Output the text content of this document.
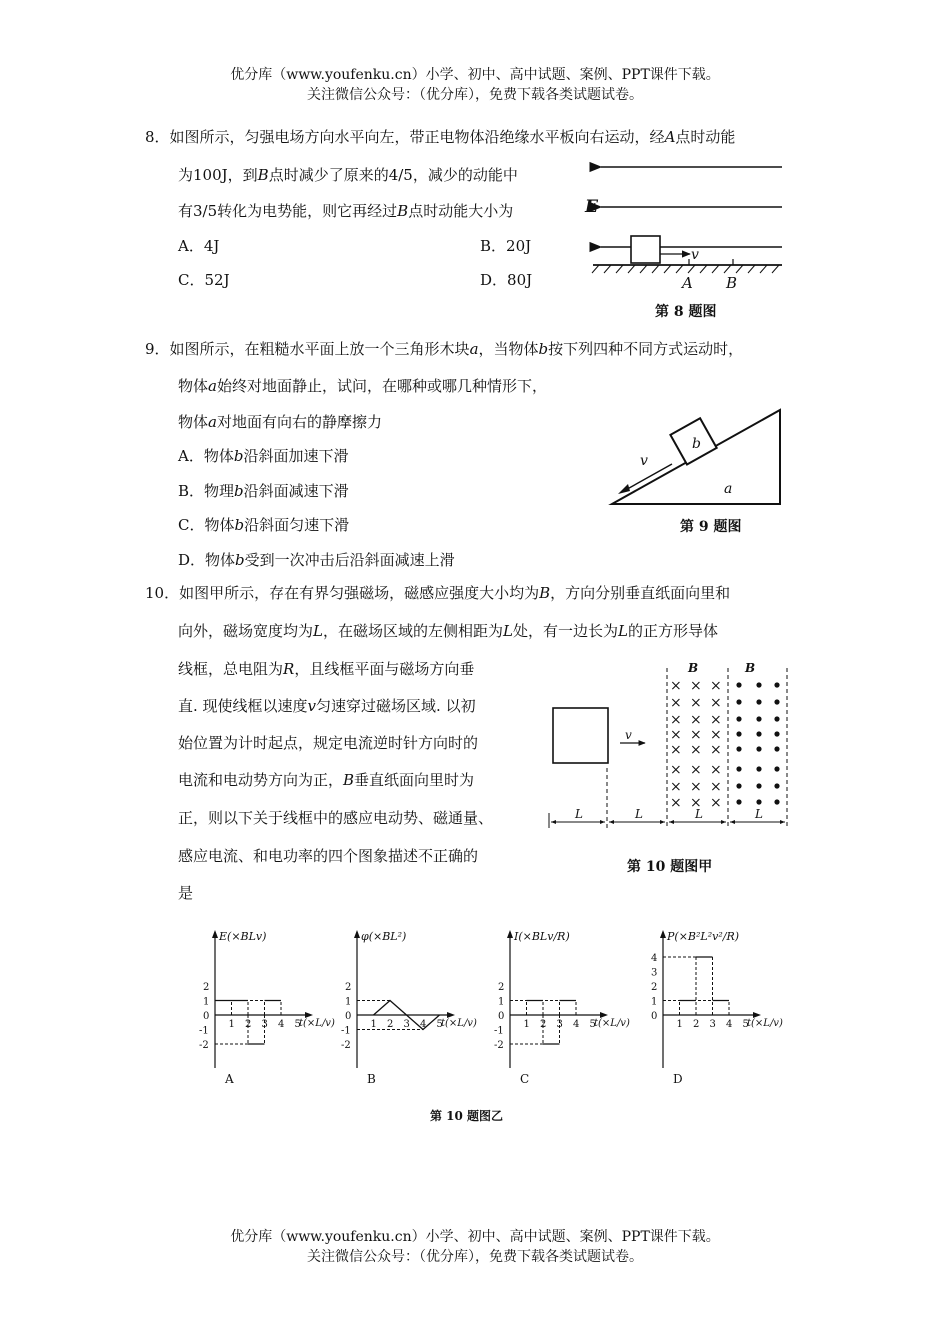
优分库（www.youfenku.cn）小学、初中、高中试题、案例、PPT课件下载。
关注微信公众号：（优分库），免费下载各类试题试卷。
8．如图所示，匀强电场方向水平向左，带正电物体沿绝缘水平板向右运动，经A点时动能
为100J，到B点时减少了原来的4/5，减少的动能中
有3/5转化为电势能，则它再经过B点时动能大小为
A．4J	B．20J
C．52J	D．80J
E
v
A B
第 8 题图
9．如图所示，在粗糙水平面上放一个三角形木块a，当物体b按下列四种不同方式运动时，
物体a始终对地面静止，试问，在哪种或哪几种情形下，
物体a对地面有向右的静摩擦力
A．物体b沿斜面加速下滑
B．物理b沿斜面减速下滑
C．物体b沿斜面匀速下滑
D．物体b受到一次冲击后沿斜面减速上滑
b
a
v
第 9 题图
10．如图甲所示，存在有界匀强磁场，磁感应强度大小均为B，方向分别垂直纸面向里和
向外，磁场宽度均为L，在磁场区域的左侧相距为L处，有一边长为L的正方形导体
线框，总电阻为R，且线框平面与磁场方向垂
直. 现使线框以速度v匀速穿过磁场区域. 以初
始位置为计时起点，规定电流逆时针方向时的
电流和电动势方向为正，B垂直纸面向里时为
正，则以下关于线框中的感应电动势、磁通量、
感应电流、和电功率的四个图象描述不正确的
是
v
B	B
×
×
×
×
×
×
×
×
×
×
×
×
×
×
×
×
×
×
×
×
×
×
×
×
L	L	L	L
第 10 题图甲
E(×BLv)
t(×L/v)
1 2 3 4 5
2
1
0
-1
-2
A
φ(×BL²)
t(×L/v)
1 2 3 4 5
2
1
0
-1
-2
B
I(×BLv/R)
t(×L/v)
1 2 3 4 5
2
1
0
-1
-2
C
P(×B²L²v²/R)
t(×L/v)
1 2 3 4 5
4
3
2
1
0
D
第 10 题图乙
优分库（www.youfenku.cn）小学、初中、高中试题、案例、PPT课件下载。
关注微信公众号：（优分库），免费下载各类试题试卷。
